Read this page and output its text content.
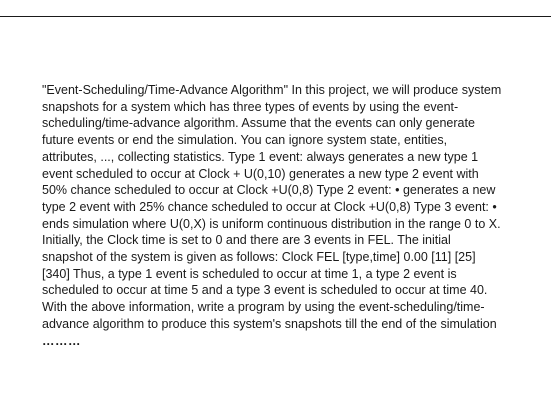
"Event-Scheduling/Time-Advance Algorithm" In this project, we will produce system snapshots for a system which has three types of events by using the event-scheduling/time-advance algorithm. Assume that the events can only generate future events or end the simulation. You can ignore system state, entities, attributes, ..., collecting statistics. Type 1 event: always generates a new type 1 event scheduled to occur at Clock + U(0,10) generates a new type 2 event with 50% chance scheduled to occur at Clock +U(0,8) Type 2 event: • generates a new type 2 event with 25% chance scheduled to occur at Clock +U(0,8) Type 3 event: • ends simulation where U(0,X) is uniform continuous distribution in the range 0 to X. Initially, the Clock time is set to 0 and there are 3 events in FEL. The initial snapshot of the system is given as follows: Clock FEL [type,time] 0.00 [11] [25] [340] Thus, a type 1 event is scheduled to occur at time 1, a type 2 event is scheduled to occur at time 5 and a type 3 event is scheduled to occur at time 40. With the above information, write a program by using the event-scheduling/time-advance algorithm to produce this system's snapshots till the end of the simulation ………
